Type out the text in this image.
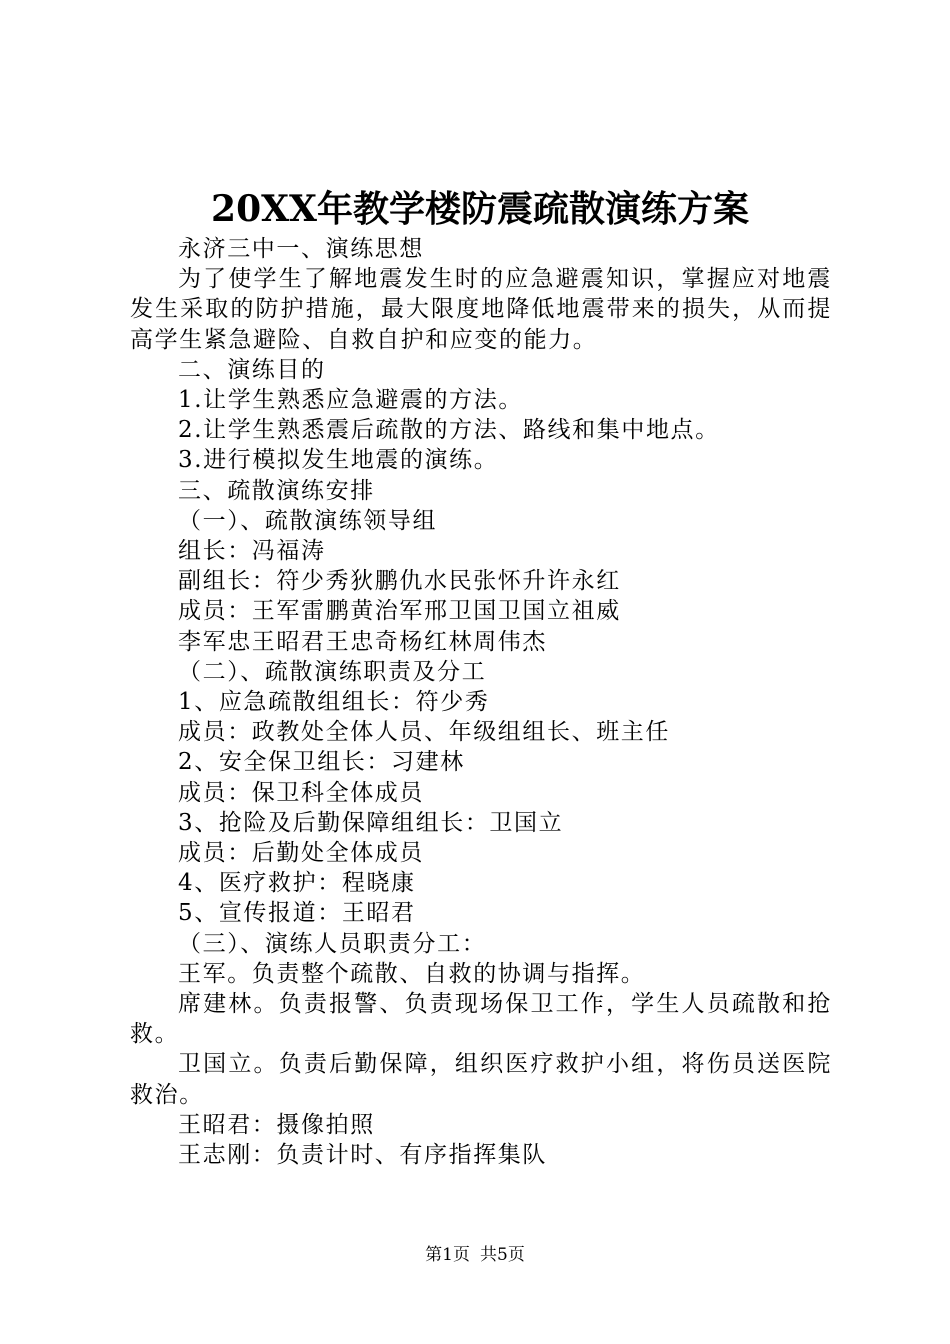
20XX年教学楼防震疏散演练方案

永济三中一、演练思想

为了使学生了解地震发生时的应急避震知识，掌握应对地震发生采取的防护措施，最大限度地降低地震带来的损失，从而提高学生紧急避险、自救自护和应变的能力。

二、演练目的

1.让学生熟悉应急避震的方法。

2.让学生熟悉震后疏散的方法、路线和集中地点。

3.进行模拟发生地震的演练。

三、疏散演练安排

（一）、疏散演练领导组

组长：冯福涛

副组长：符少秀狄鹏仇水民张怀升许永红

成员：王军雷鹏黄治军邢卫国卫国立祖威

李军忠王昭君王忠奇杨红林周伟杰

（二）、疏散演练职责及分工

1、应急疏散组组长：符少秀

成员：政教处全体人员、年级组组长、班主任

2、安全保卫组长：习建林

成员：保卫科全体成员

3、抢险及后勤保障组组长：卫国立

成员：后勤处全体成员

4、医疗救护：程晓康

5、宣传报道：王昭君

（三）、演练人员职责分工：

王军。负责整个疏散、自救的协调与指挥。

席建林。负责报警、负责现场保卫工作，学生人员疏散和抢救。

卫国立。负责后勤保障，组织医疗救护小组，将伤员送医院救治。

王昭君：摄像拍照

王志刚：负责计时、有序指挥集队

第1页 共5页
